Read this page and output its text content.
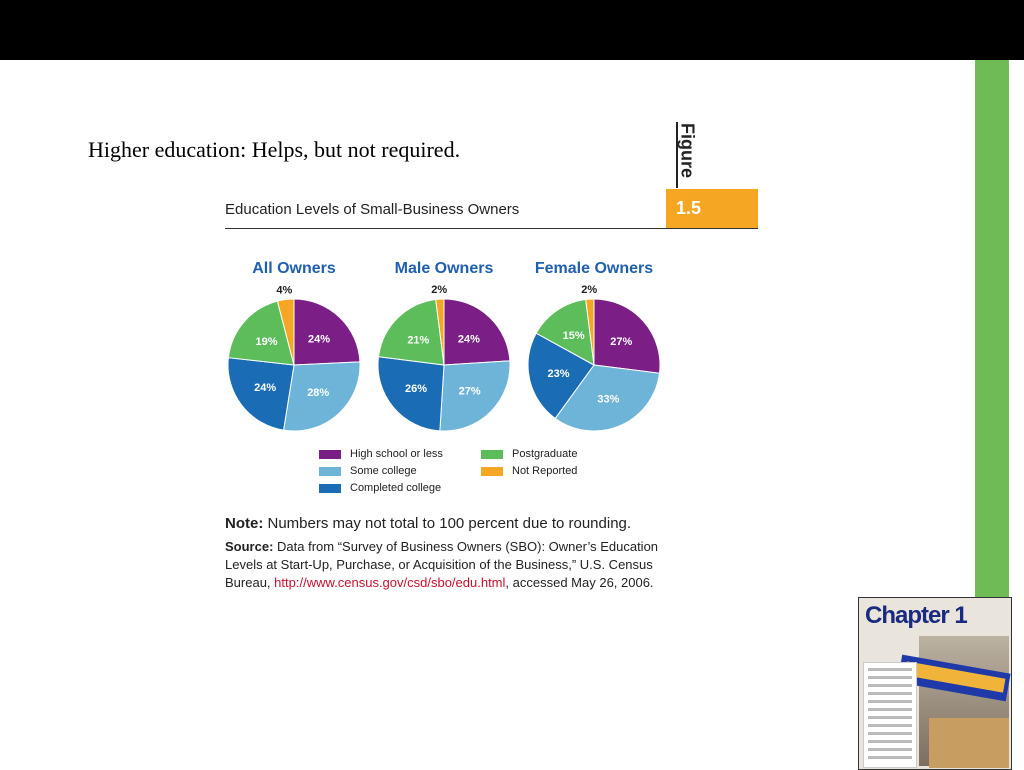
Higher education: Helps, but not required.	Figure
1.5
Education Levels of Small-Business Owners
All Owners
24%
28%
24%
19%
4%
Male Owners
24%
27%
26%
21%
2%
Female Owners
27%
33%
23%
15%
2%
High school or less
Some college
Completed college
Postgraduate
Not Reported
Note: Numbers may not total to 100 percent due to rounding.
Source: Data from “Survey of Business Owners (SBO): Owner’s Education Levels at Start-Up, Purchase, or Acquisition of the Business,” U.S. Census Bureau, http://www.census.gov/csd/sbo/edu.html, accessed May 26, 2006.
Chapter 1
